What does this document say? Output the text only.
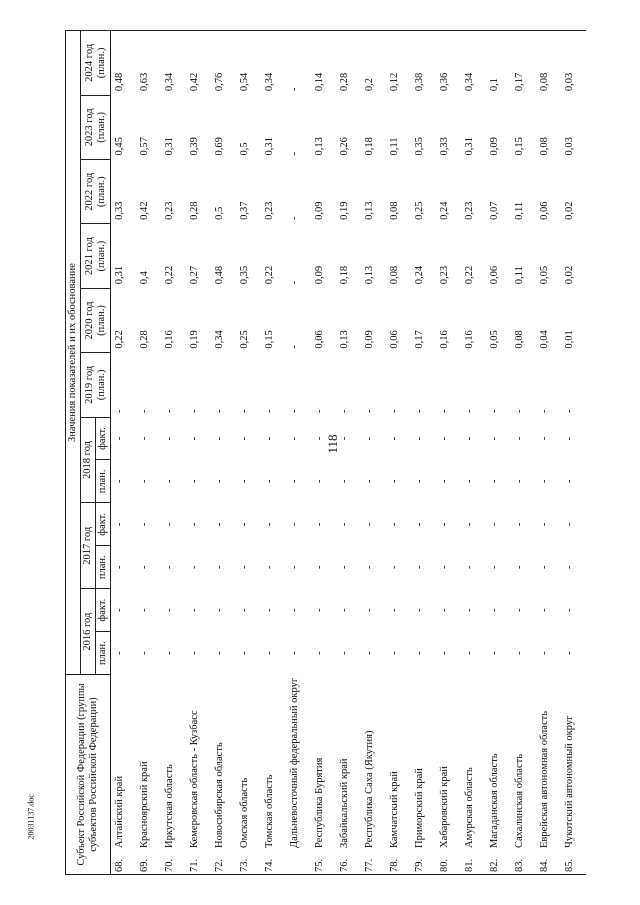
118
20031137.doc	Субъект Российской Федерации (группы субъектов Российской Федерации)	Значения показателей и их обоснование											
	2016 год		2017 год		2018 год		2019 год (план.)	2020 год (план.)	2021 год (план.)	2022 год (план.)	2023 год (план.)	2024 год (план.)
	план.	факт.	план.	факт.	план.	факт.						
68.Алтайский край	-	-	-	-	-	-	-	0,22	0,31	0,33	0,45	0,48
69.Красноярский край	-	-	-	-	-	-	-	0,28	0,4	0,42	0,57	0,63
70.Иркутская область	-	-	-	-	-	-	-	0,16	0,22	0,23	0,31	0,34
71.Кемеровская область - Кузбасс	-	-	-	-	-	-	-	0,19	0,27	0,28	0,39	0,42
72.Новосибирская область	-	-	-	-	-	-	-	0,34	0,48	0,5	0,69	0,76
73.Омская область	-	-	-	-	-	-	-	0,25	0,35	0,37	0,5	0,54
74.Томская область	-	-	-	-	-	-	-	0,15	0,22	0,23	0,31	0,34
Дальневосточный федеральный округ	-	-	-	-	-	-	-	-	-	-	-	-
75.Республика Бурятия	-	-	-	-	-	-	-	0,06	0,09	0,09	0,13	0,14
76.Забайкальский край	-	-	-	-	-	-	-	0,13	0,18	0,19	0,26	0,28
77.Республика Саха (Якутия)	-	-	-	-	-	-	-	0,09	0,13	0,13	0,18	0,2
78.Камчатский край	-	-	-	-	-	-	-	0,06	0,08	0,08	0,11	0,12
79.Приморский край	-	-	-	-	-	-	-	0,17	0,24	0,25	0,35	0,38
80.Хабаровский край	-	-	-	-	-	-	-	0,16	0,23	0,24	0,33	0,36
81.Амурская область	-	-	-	-	-	-	-	0,16	0,22	0,23	0,31	0,34
82.Магаданская область	-	-	-	-	-	-	-	0,05	0,06	0,07	0,09	0,1
83.Сахалинская область	-	-	-	-	-	-	-	0,08	0,11	0,11	0,15	0,17
84.Еврейская автономная область	-	-	-	-	-	-	-	0,04	0,05	0,06	0,08	0,08
85.Чукотский автономный округ	-	-	-	-	-	-	-	0,01	0,02	0,02	0,03	0,03
